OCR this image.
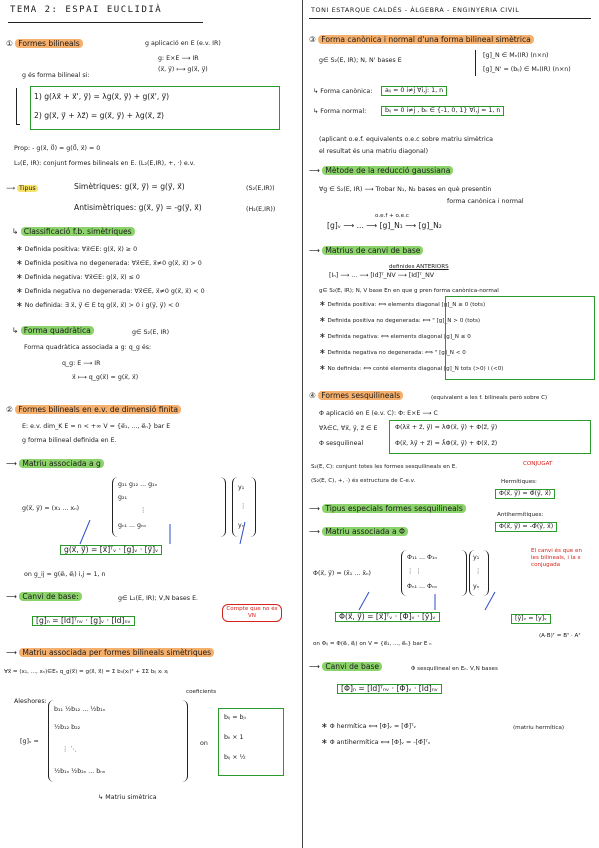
TEMA 2: ESPAI EUCLIDIÀ
① Formes bilineals	g aplicació en E (e.v. IR)
g: E×E ⟶ IR
(x⃗, y⃗) ⟼ g(x⃗, y⃗)
g és forma bilineal si:
1) g(λx⃗ + x⃗', y⃗) = λg(x⃗, y⃗) + g(x⃗', y⃗)
2) g(x⃗, y⃗ + λz⃗) = g(x⃗, y⃗) + λg(x⃗, z⃗)
Prop: - g(x⃗, 0⃗) = g(0⃗, x⃗) = 0
L₂(E, IR): conjunt formes bilineals en E. (L₂(E,IR), +, ·) e.v.
⟶ Tipus	Simètriques: g(x⃗, y⃗) = g(y⃗, x⃗)	(S₂(E,IR))
Antisimètriques: g(x⃗, y⃗) = -g(y⃗, x⃗)	(H₂(E,IR))
↳ Classificació f.b. simètriques
∗ Definida positiva: ∀x⃗∈E: g(x⃗, x⃗) ≥ 0
∗ Definida positiva no degenerada: ∀x⃗∈E, x⃗≠0 g(x⃗, x⃗) > 0
∗ Definida negativa: ∀x⃗∈E: g(x⃗, x⃗) ≤ 0
∗ Definida negativa no degenerada: ∀x⃗∈E, x⃗≠0 g(x⃗, x⃗) < 0
∗ No definida: ∃ x⃗, y⃗ ∈ E tq g(x⃗, x⃗) > 0 i g(y⃗, y⃗) < 0
↳ Forma quadràtica	g∈ S₂(E, IR)
Forma quadràtica associada a g: q_g és:
q_g: E ⟶ IR
x⃗ ⟼ q_g(x⃗) = g(x⃗, x⃗)
② Formes bilineals en e.v. de dimensió finita
E: e.v. dim_K E = n < +∞ V = {e⃗₁, ..., e⃗ₙ} bar E
g forma bilineal definida en E.
⟶ Matriu associada a g
g(x⃗, y⃗) = (x₁ ... xₙ)
g₁₁ g₁₂ ... g₁ₙ
g₂₁
⋮
gₙ₁ ... gₙₙ
y₁
⋮
yₙ
g(x⃗, y⃗) = [x⃗]ᵀᵥ · [g]ᵥ · [y⃗]ᵥ
on g_ij = g(e⃗ᵢ, e⃗ⱼ) i,j = 1, n
⟶ Canvi de base:	g∈ L₂(E, IR); V,N bases E.
[g]ₙ = [Id]ᵀₙᵥ · [g]ᵥ · [Id]ₙᵥ
Compte que no és VN
⟶ Matriu associada per formes bilineals simètriques
∀x⃗ = (x₁, ..., xₙ)∈Eₙ q_g(x⃗) = g(x⃗, x⃗) = Σ bᵢᵢ(xᵢ)² + ΣΣ bᵢⱼ xᵢ xⱼ
coeficients
Aleshores:
[g]ᵥ =
b₁₁ ½b₁₂ ... ½b₁ₙ
½b₁₂ b₂₂
⋮ ⋱
½b₁ₙ ½b₂ₙ ... bₙₙ
on
bᵢⱼ = bⱼᵢ
bᵢᵢ × 1
bᵢⱼ × ½
↳ Matriu simètrica
TONI ESTARQUE CALDÉS - ÀLGEBRA - ENGINYERIA CIVIL
③ Forma canònica i normal d'una forma bilineal simètrica
g∈ S₂(E, IR); N, N' bases E
[g]_N ∈ Mₙ(IR) (n×n)
[g]_N' = (bᵢⱼ) ∈ Mₙ(IR) (n×n)
↳ Forma canònica:	aᵢⱼ = 0 i≠j ∀i,j: 1, n
↳ Forma normal:	bᵢⱼ = 0 i≠j , bᵢᵢ ∈ {-1, 0, 1} ∀i,j = 1, n
(aplicant o.e.f. equivalents o.e.c sobre matriu simètrica
el resultat és una matriu diagonal)
⟶ Mètode de la reducció gaussiana
∀g ∈ S₂(E, IR) ⟶ Trobar N₁, N₂ bases en què presentin
forma canònica i normal
o.e.f + o.e.c
[g]ᵥ ⟶ ... ⟶ [g]_N₁ ⟶ [g]_N₂
⟶ Matrius de canvi de base
definides ANTERIORS
[Iₙ] ⟶ ... ⟶ [Id]ᵀ_NV ⟶ [Id]ᵀ_NV
g∈ S₂(E, IR); N, V base En en que g pren forma canònica-normal
∗ Definida positiva: ⟺ elements diagonal [g]_N ≥ 0 (tots)
∗ Definida positiva no degenerada: ⟺ " [g]_N > 0 (tots)
∗ Definida negativa: ⟺ elements diagonal [g]_N ≤ 0
∗ Definida negativa no degenerada: ⟺ " [g]_N < 0
∗ No definida: ⟺ conté elements diagonal [g]_N tots (>0) i (<0)
④ Formes sesquilineals	(equivalent a les f. bilineals però sobre C)
Φ aplicació en E (e.v. C): Φ: E×E ⟶ C
∀λ∈C, ∀x⃗, y⃗, z⃗ ∈ E
Φ sesquilineal
Φ(λx⃗ + z⃗, y⃗) = λΦ(x⃗, y⃗) + Φ(z⃗, y⃗)
Φ(x⃗, λy⃗ + z⃗) = λ̄Φ(x⃗, y⃗) + Φ(x⃗, z⃗)
CONJUGAT
S₂(E, C): conjunt totes les formes sesquilineals en E.
(S₂(E, C), +, ·) és estructura de C-e.v.	Hermítiques:
Φ(x⃗, y⃗) = Φ̄(y⃗, x⃗)
⟶ Tipus especials formes sesquilineals
Antihermítiques:
Φ(x⃗, y⃗) = -Φ̄(y⃗, x⃗)
⟶ Matriu associada a Φ
Φ(x⃗, y⃗) = (x̄₁ ... x̄ₙ)
Φ₁₁ ... Φ₁ₙ
⋮ ⋮
Φₙ₁ ... Φₙₙ
y₁
⋮
yₙ
El canvi és que en les bilineals, i la x conjugada
Φ(x⃗, y⃗) = [x⃗]ᵀᵥ · [Φ]ᵥ · [ȳ]ᵥ	[ȳ]ᵥ = [y]ᵥ
on Φᵢⱼ = Φ(e⃗ᵢ, e⃗ⱼ) on V = {e⃗₁, ..., e⃗ₙ} bar E ₙ
(A·B)ᵀ = Bᵀ · Aᵀ
⟶ Canvi de base	Φ sesquilineal en Eₙ. V,N bases
[Φ]ₙ = [Id]ᵀₙᵥ · [Φ]ᵥ · [Id]ₙᵥ
∗ Φ hermítica ⟺ [Φ]ᵥ = [Φ̄]ᵀᵥ	(matriu hermítica)
∗ Φ antihermítica ⟺ [Φ]ᵥ = -[Φ̄]ᵀᵥ
